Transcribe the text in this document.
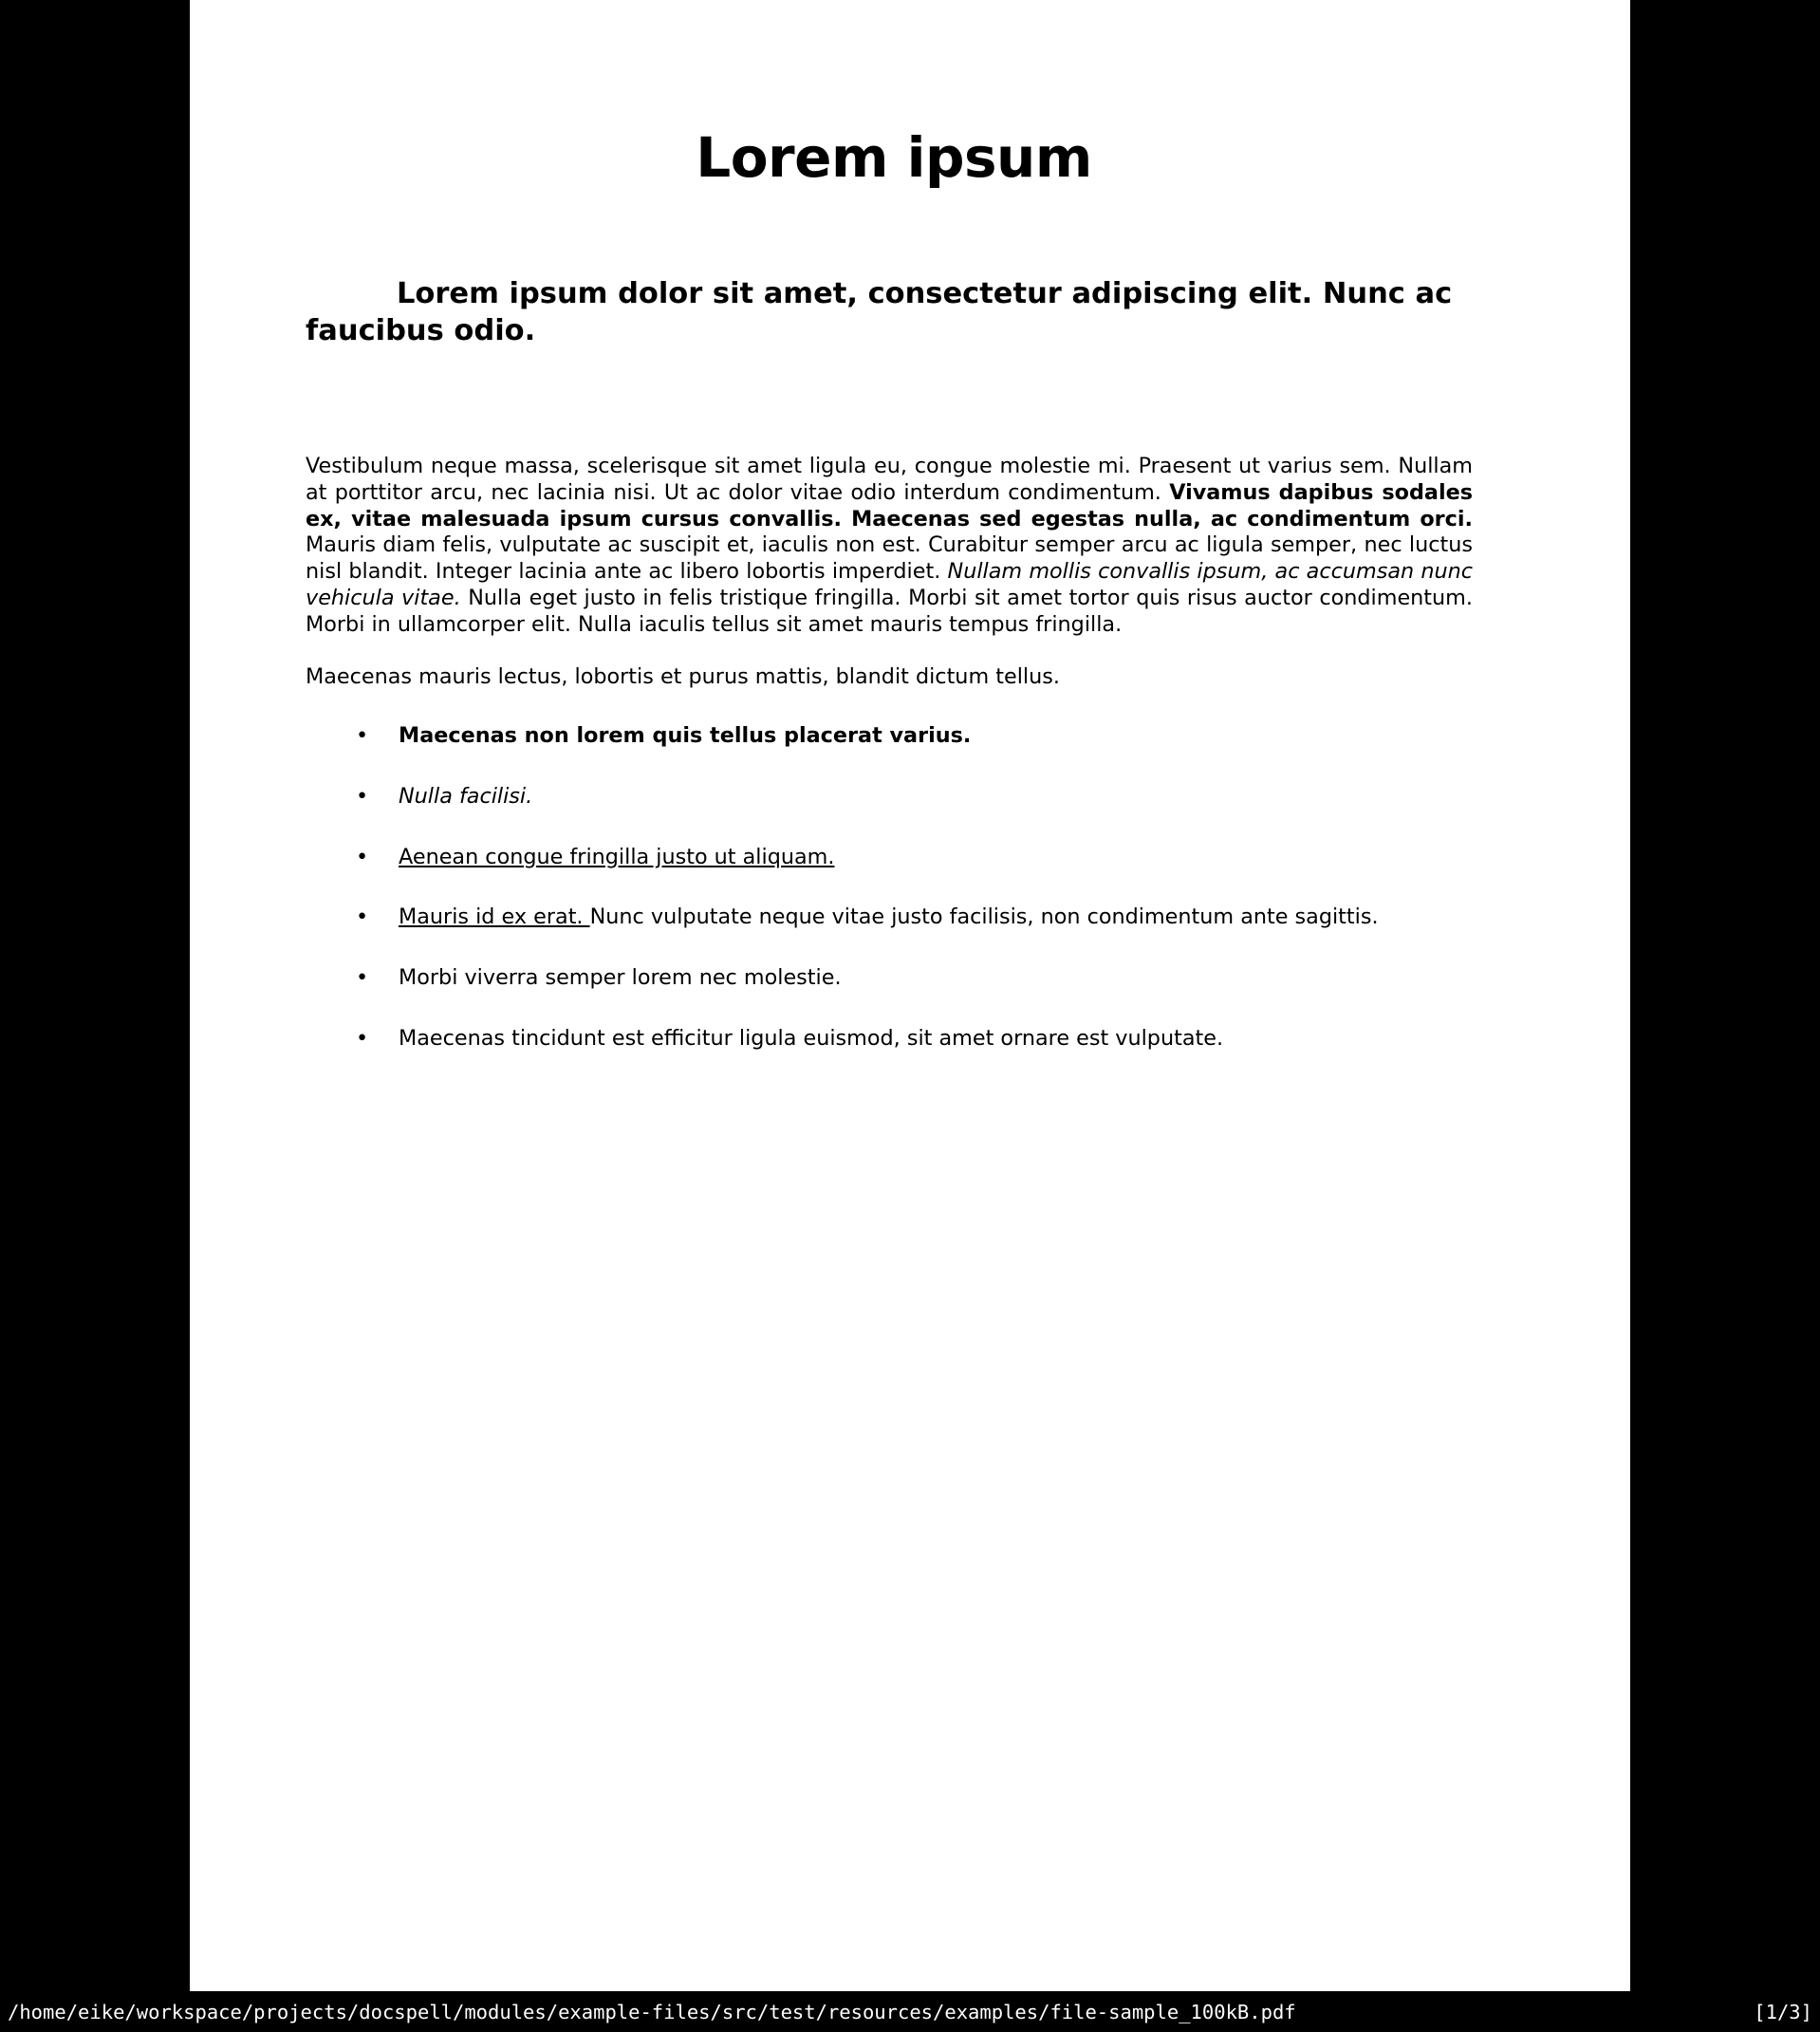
Lorem ipsum
Lorem ipsum dolor sit amet, consectetur adipiscing elit. Nunc ac faucibus odio.

Vestibulum neque massa, scelerisque sit amet ligula eu, congue molestie mi. Praesent ut varius sem. Nullam at porttitor arcu, nec lacinia nisi. Ut ac dolor vitae odio interdum condimentum. Vivamus dapibus sodales ex, vitae malesuada ipsum cursus convallis. Maecenas sed egestas nulla, ac condimentum orci. Mauris diam felis, vulputate ac suscipit et, iaculis non est. Curabitur semper arcu ac ligula semper, nec luctus nisl blandit. Integer lacinia ante ac libero lobortis imperdiet. Nullam mollis convallis ipsum, ac accumsan nunc vehicula vitae. Nulla eget justo in felis tristique fringilla. Morbi sit amet tortor quis risus auctor condimentum. Morbi in ullamcorper elit. Nulla iaculis tellus sit amet mauris tempus fringilla.

Maecenas mauris lectus, lobortis et purus mattis, blandit dictum tellus.

• Maecenas non lorem quis tellus placerat varius.
• Nulla facilisi.
• Aenean congue fringilla justo ut aliquam.
• Mauris id ex erat. Nunc vulputate neque vitae justo facilisis, non condimentum ante sagittis.
• Morbi viverra semper lorem nec molestie.
• Maecenas tincidunt est efficitur ligula euismod, sit amet ornare est vulputate.
/home/eike/workspace/projects/docspell/modules/example-files/src/test/resources/examples/file-sample_100kB.pdf	[1/3]
